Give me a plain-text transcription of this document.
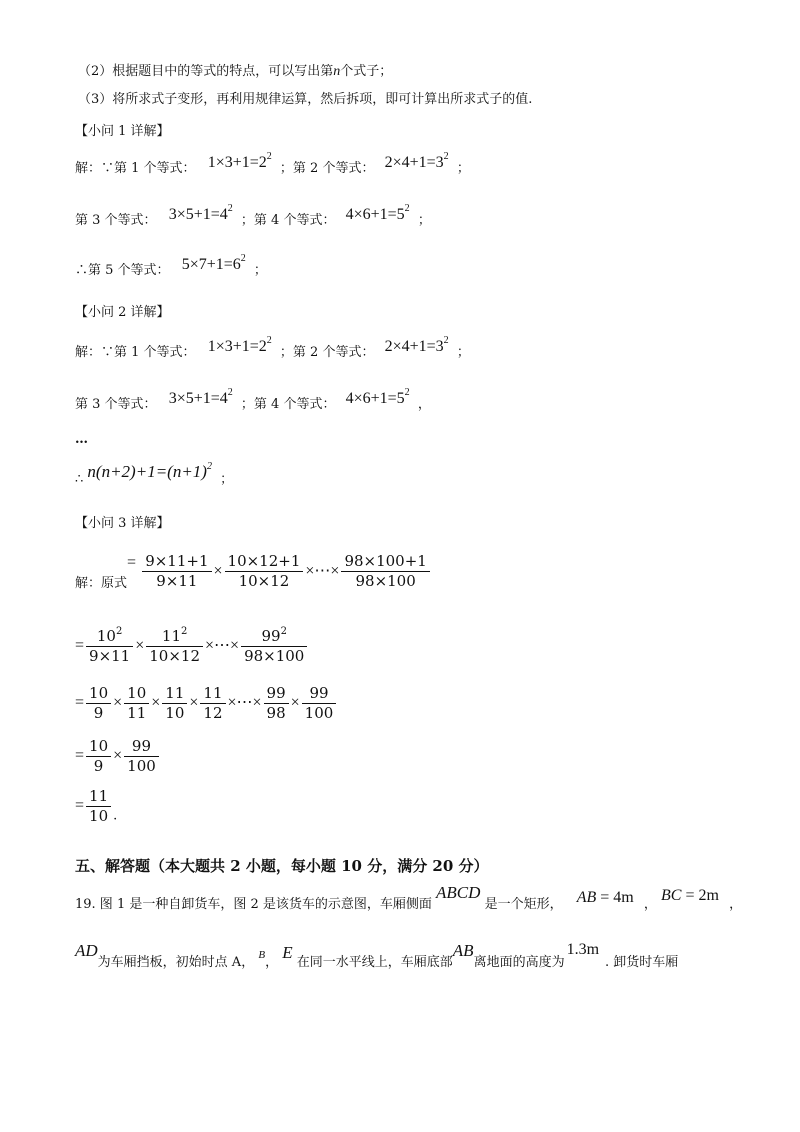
（2）根据题目中的等式的特点，可以写出第n个式子；
（3）将所求式子变形，再利用规律运算，然后拆项，即可计算出所求式子的值.
【小问 1 详解】
解：∵第 1 个等式： $1\times 3+1=2^2$ ；第 2 个等式： $2\times 4+1=3^2$ ；
第 3 个等式： $3\times 5+1=4^2$ ；第 4 个等式： $4\times 6+1=5^2$ ；
∴第 5 个等式： $5\times 7+1=6^2$ ；
【小问 2 详解】
解：∵第 1 个等式： $1\times 3+1=2^2$ ；第 2 个等式： $2\times 4+1=3^2$ ；
第 3 个等式： $3\times 5+1=4^2$ ；第 4 个等式： $4\times 6+1=5^2$ ，
…
∴ $n(n+2)+1=(n+1)^2$ ；
【小问 3 详解】
解：原式= $\frac{9\times 11+1}{9\times 11} \times \frac{10\times 12+1}{10\times 12}$ ×⋯× $\frac{98\times 100+1}{98\times 100}$
= $\frac{10^2}{9\times 11} \times \frac{11^2}{10\times 12}$ ×⋯× $\frac{99^2}{98\times 100}$
= $\frac{10}{9} \times \frac{10}{11} \times \frac{11}{10} \times \frac{11}{12}$ ×⋯× $\frac{99}{98} \times \frac{99}{100}$
= $\frac{10}{9} \times \frac{99}{100}$
= $\frac{11}{10}$ .
五、解答题（本大题共 2 小题，每小题 10 分，满分 20 分）
19. 图 1 是一种自卸货车，图 2 是该货车的示意图，车厢侧面 ABCD 是一个矩形， AB = 4m ， BC = 2m ，
AD为车厢挡板，初始时点 A， $^B$， E 在同一水平线上，车厢底部AB离地面的高度为1.3m. 卸货时车厢
